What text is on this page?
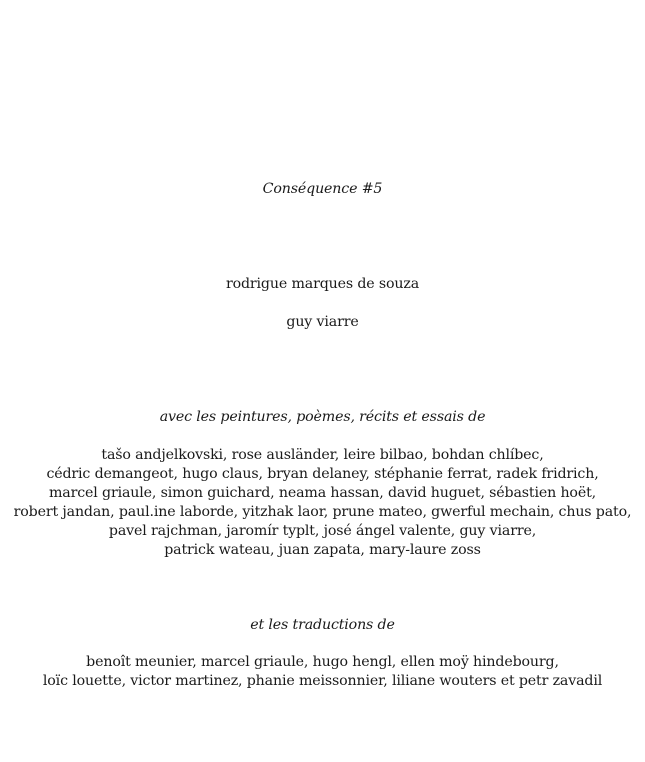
Conséquence #5
rodrigue marques de souza
guy viarre
avec les peintures, poèmes, récits et essais de
tašo andjelkovski, rose ausländer, leire bilbao, bohdan chlíbec,
cédric demangeot, hugo claus, bryan delaney, stéphanie ferrat, radek fridrich,
marcel griaule, simon guichard, neama hassan, david huguet, sébastien hoët,
robert jandan, paul.ine laborde, yitzhak laor, prune mateo, gwerful mechain, chus pato,
pavel rajchman, jaromír typlt, josé ángel valente, guy viarre,
patrick wateau, juan zapata, mary-laure zoss
et les traductions de
benoît meunier, marcel griaule, hugo hengl, ellen moÿ hindebourg,
loïc louette, victor martinez, phanie meissonnier, liliane wouters et petr zavadil
